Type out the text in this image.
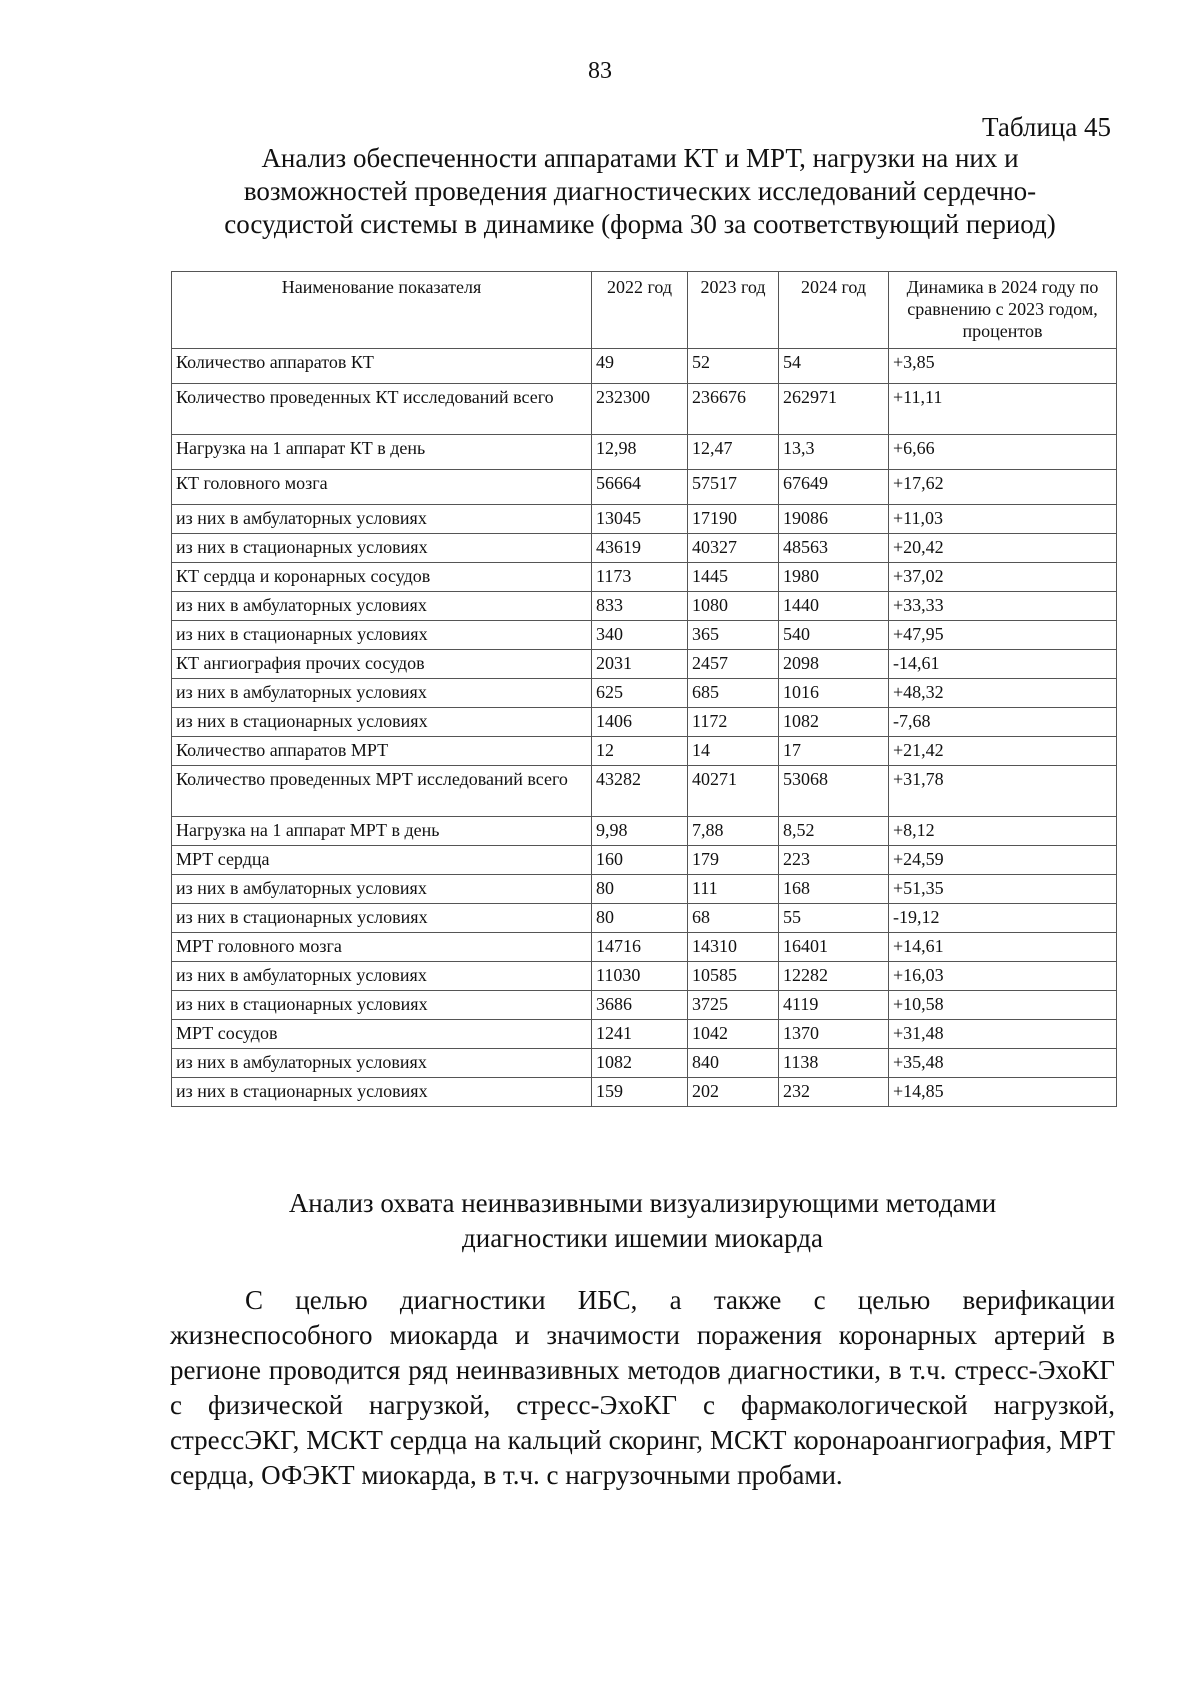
83
Таблица 45
Анализ обеспеченности аппаратами КТ и МРТ, нагрузки на них и
возможностей проведения диагностических исследований сердечно-
сосудистой системы в динамике (форма 30 за соответствующий период)
Наименование показателя	2022 год	2023 год	2024 год	Динамика в 2024 году по сравнению с 2023 годом, процентов
Количество аппаратов КТ	49	52	54	+3,85
Количество проведенных КТ исследований всего	232300	236676	262971	+11,11
Нагрузка на 1 аппарат КТ в день	12,98	12,47	13,3	+6,66
КТ головного мозга	56664	57517	67649	+17,62
из них в амбулаторных условиях	13045	17190	19086	+11,03
из них в стационарных условиях	43619	40327	48563	+20,42
КТ сердца и коронарных сосудов	1173	1445	1980	+37,02
из них в амбулаторных условиях	833	1080	1440	+33,33
из них в стационарных условиях	340	365	540	+47,95
КТ ангиография прочих сосудов	2031	2457	2098	-14,61
из них в амбулаторных условиях	625	685	1016	+48,32
из них в стационарных условиях	1406	1172	1082	-7,68
Количество аппаратов МРТ	12	14	17	+21,42
Количество проведенных МРТ исследований всего	43282	40271	53068	+31,78
Нагрузка на 1 аппарат МРТ в день	9,98	7,88	8,52	+8,12
МРТ сердца	160	179	223	+24,59
из них в амбулаторных условиях	80	111	168	+51,35
из них в стационарных условиях	80	68	55	-19,12
МРТ головного мозга	14716	14310	16401	+14,61
из них в амбулаторных условиях	11030	10585	12282	+16,03
из них в стационарных условиях	3686	3725	4119	+10,58
МРТ сосудов	1241	1042	1370	+31,48
из них в амбулаторных условиях	1082	840	1138	+35,48
из них в стационарных условиях	159	202	232	+14,85
Анализ охвата неинвазивными визуализирующими методами
диагностики ишемии миокарда

С целью диагностики ИБС, а также с целью верификации жизнеспособного миокарда и значимости поражения коронарных артерий в регионе проводится ряд неинвазивных методов диагностики, в т.ч. стресс-ЭхоКГ с физической нагрузкой, стресс-ЭхоКГ с фармакологической нагрузкой, стрессЭКГ, МСКТ сердца на кальций скоринг, МСКТ коронароангиография, МРТ сердца, ОФЭКТ миокарда, в т.ч. с нагрузочными пробами.
